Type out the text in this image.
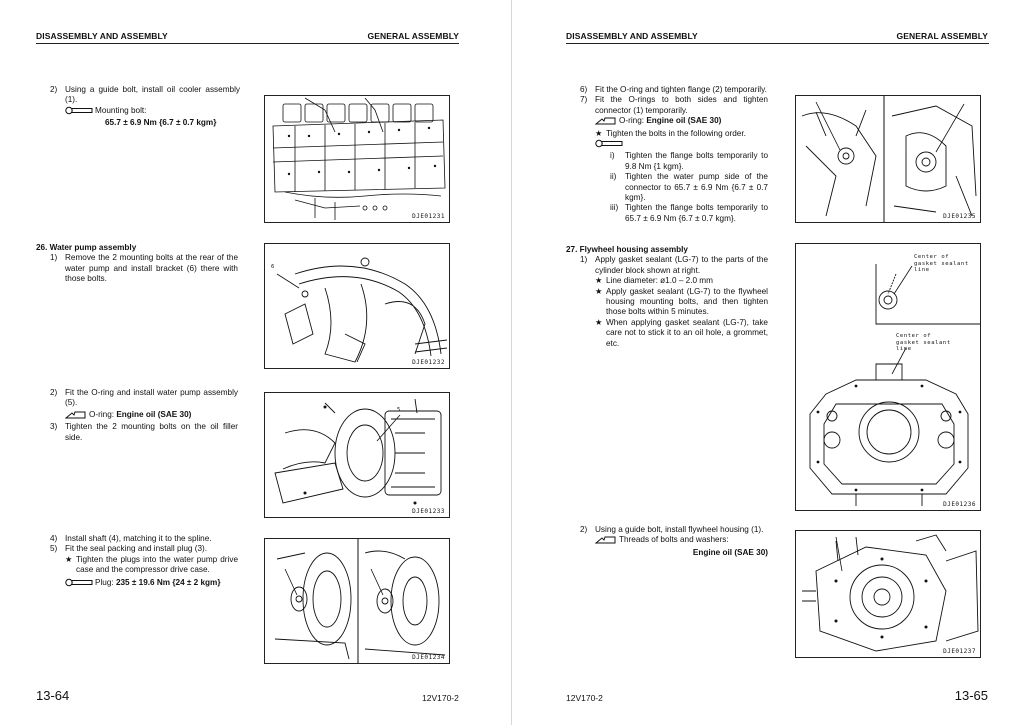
DISASSEMBLY AND ASSEMBLY	GENERAL ASSEMBLY
2) Using a guide bolt, install oil cooler assembly (1).
Mounting bolt:
65.7 ± 6.9 Nm {6.7 ± 0.7 kgm}
DJE01231
26. Water pump assembly
1) Remove the 2 mounting bolts at the rear of the water pump and install bracket (6) there with those bolts.
6
DJE01232
2) Fit the O-ring and install water pump assembly (5).
O-ring: Engine oil (SAE 30)
3) Tighten the 2 mounting bolts on the oil filler side.
5
DJE01233
4) Install shaft (4), matching it to the spline.
5) Fit the seal packing and install plug (3).
★ Tighten the plugs into the water pump drive case and the compressor drive case.
Plug: 235 ± 19.6 Nm {24 ± 2 kgm}
DJE01234
13-64	12V170-2
DISASSEMBLY AND ASSEMBLY	GENERAL ASSEMBLY
6) Fit the O-ring and tighten flange (2) temporarily.
7) Fit the O-rings to both sides and tighten connector (1) temporarily.
O-ring: Engine oil (SAE 30)
★ Tighten the bolts in the following order.
i)	Tighten the flange bolts temporarily to 9.8 Nm {1 kgm}.
ii)	Tighten the water pump side of the connector to 65.7 ± 6.9 Nm {6.7 ± 0.7 kgm}.
iii) Tighten the flange bolts temporarily to 65.7 ± 6.9 Nm {6.7 ± 0.7 kgm}.	DJE01235
27. Flywheel housing assembly
1) Apply gasket sealant (LG-7) to the parts of the cylinder block shown at right.
★ Line diameter: ø1.0 – 2.0 mm
★ Apply gasket sealant (LG-7) to the flywheel housing mounting bolts, and then tighten those bolts within 5 minutes.
★ When applying gasket sealant (LG-7), take care not to stick it to an oil hole, a grommet, etc.
Center of gasket sealant line
Center of gasket sealant line
DJE01236
2) Using a guide bolt, install flywheel housing (1).
Threads of bolts and washers:
Engine oil (SAE 30)
DJE01237
12V170-2	13-65
